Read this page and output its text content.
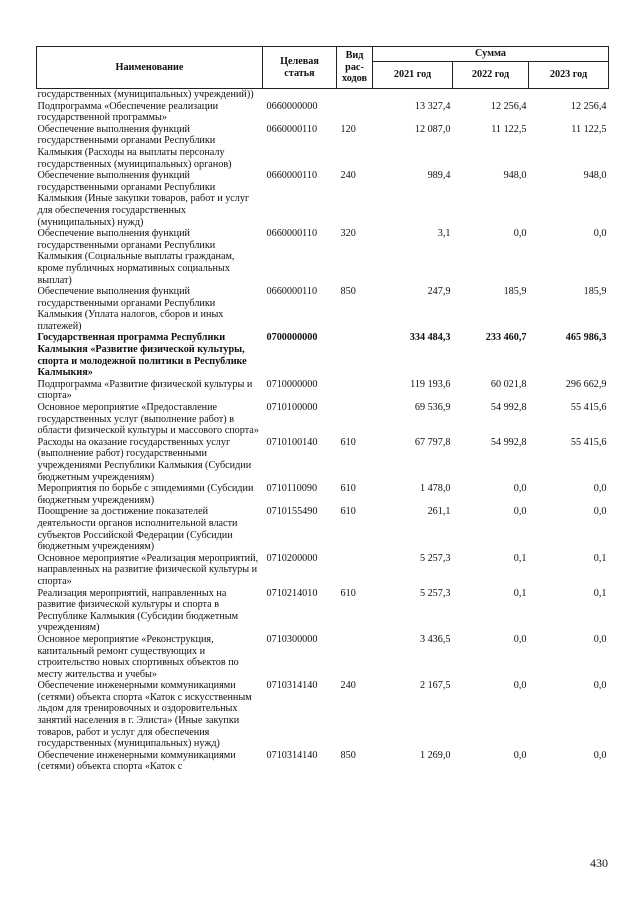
Наименование	Целевая статья	Вид рас-ходов	Сумма		
			2021 год	2022 год	2023 год
государственных (муниципальных) учреждений))					
Подпрограмма «Обеспечение реализации государственной программы»	0660000000		13 327,4	12 256,4	12 256,4
Обеспечение выполнения функций государственными органами Республики Калмыкия (Расходы на выплаты персоналу государственных (муниципальных) органов)	0660000110	120	12 087,0	11 122,5	11 122,5
Обеспечение выполнения функций государственными органами Республики Калмыкия (Иные закупки товаров, работ и услуг для обеспечения государственных (муниципальных) нужд)	0660000110	240	989,4	948,0	948,0
Обеспечение выполнения функций государственными органами Республики Калмыкия (Социальные выплаты гражданам, кроме публичных нормативных социальных выплат)	0660000110	320	3,1	0,0	0,0
Обеспечение выполнения функций государственными органами Республики Калмыкия (Уплата налогов, сборов и иных платежей)	0660000110	850	247,9	185,9	185,9
Государственная программа Республики Калмыкия «Развитие физической культуры, спорта и молодежной политики в Республике Калмыкия»	0700000000		334 484,3	233 460,7	465 986,3
Подпрограмма «Развитие физической культуры и спорта»	0710000000		119 193,6	60 021,8	296 662,9
Основное мероприятие «Предоставление государственных услуг (выполнение работ) в области физической культуры и массового спорта»	0710100000		69 536,9	54 992,8	55 415,6
Расходы на оказание государственных услуг (выполнение работ) государственными учреждениями Республики Калмыкия (Субсидии бюджетным учреждениям)	0710100140	610	67 797,8	54 992,8	55 415,6
Мероприятия по борьбе с эпидемиями (Субсидии бюджетным учреждениям)	0710110090	610	1 478,0	0,0	0,0
Поощрение за достижение показателей деятельности органов исполнительной власти субъектов Российской Федерации (Субсидии бюджетным учреждениям)	0710155490	610	261,1	0,0	0,0
Основное мероприятие «Реализация мероприятий, направленных на развитие физической культуры и спорта»	0710200000		5 257,3	0,1	0,1
Реализация мероприятий, направленных на развитие физической культуры и спорта в Республике Калмыкия (Субсидии бюджетным учреждениям)	0710214010	610	5 257,3	0,1	0,1
Основное мероприятие «Реконструкция, капитальный ремонт существующих и строительство новых спортивных объектов по месту жительства и учебы»	0710300000		3 436,5	0,0	0,0
Обеспечение инженерными коммуникациями (сетями) объекта спорта «Каток с искусственным льдом для тренировочных и оздоровительных занятий населения в г. Элиста» (Иные закупки товаров, работ и услуг для обеспечения государственных (муниципальных) нужд)	0710314140	240	2 167,5	0,0	0,0
Обеспечение инженерными коммуникациями (сетями) объекта спорта «Каток с	0710314140	850	1 269,0	0,0	0,0
430
